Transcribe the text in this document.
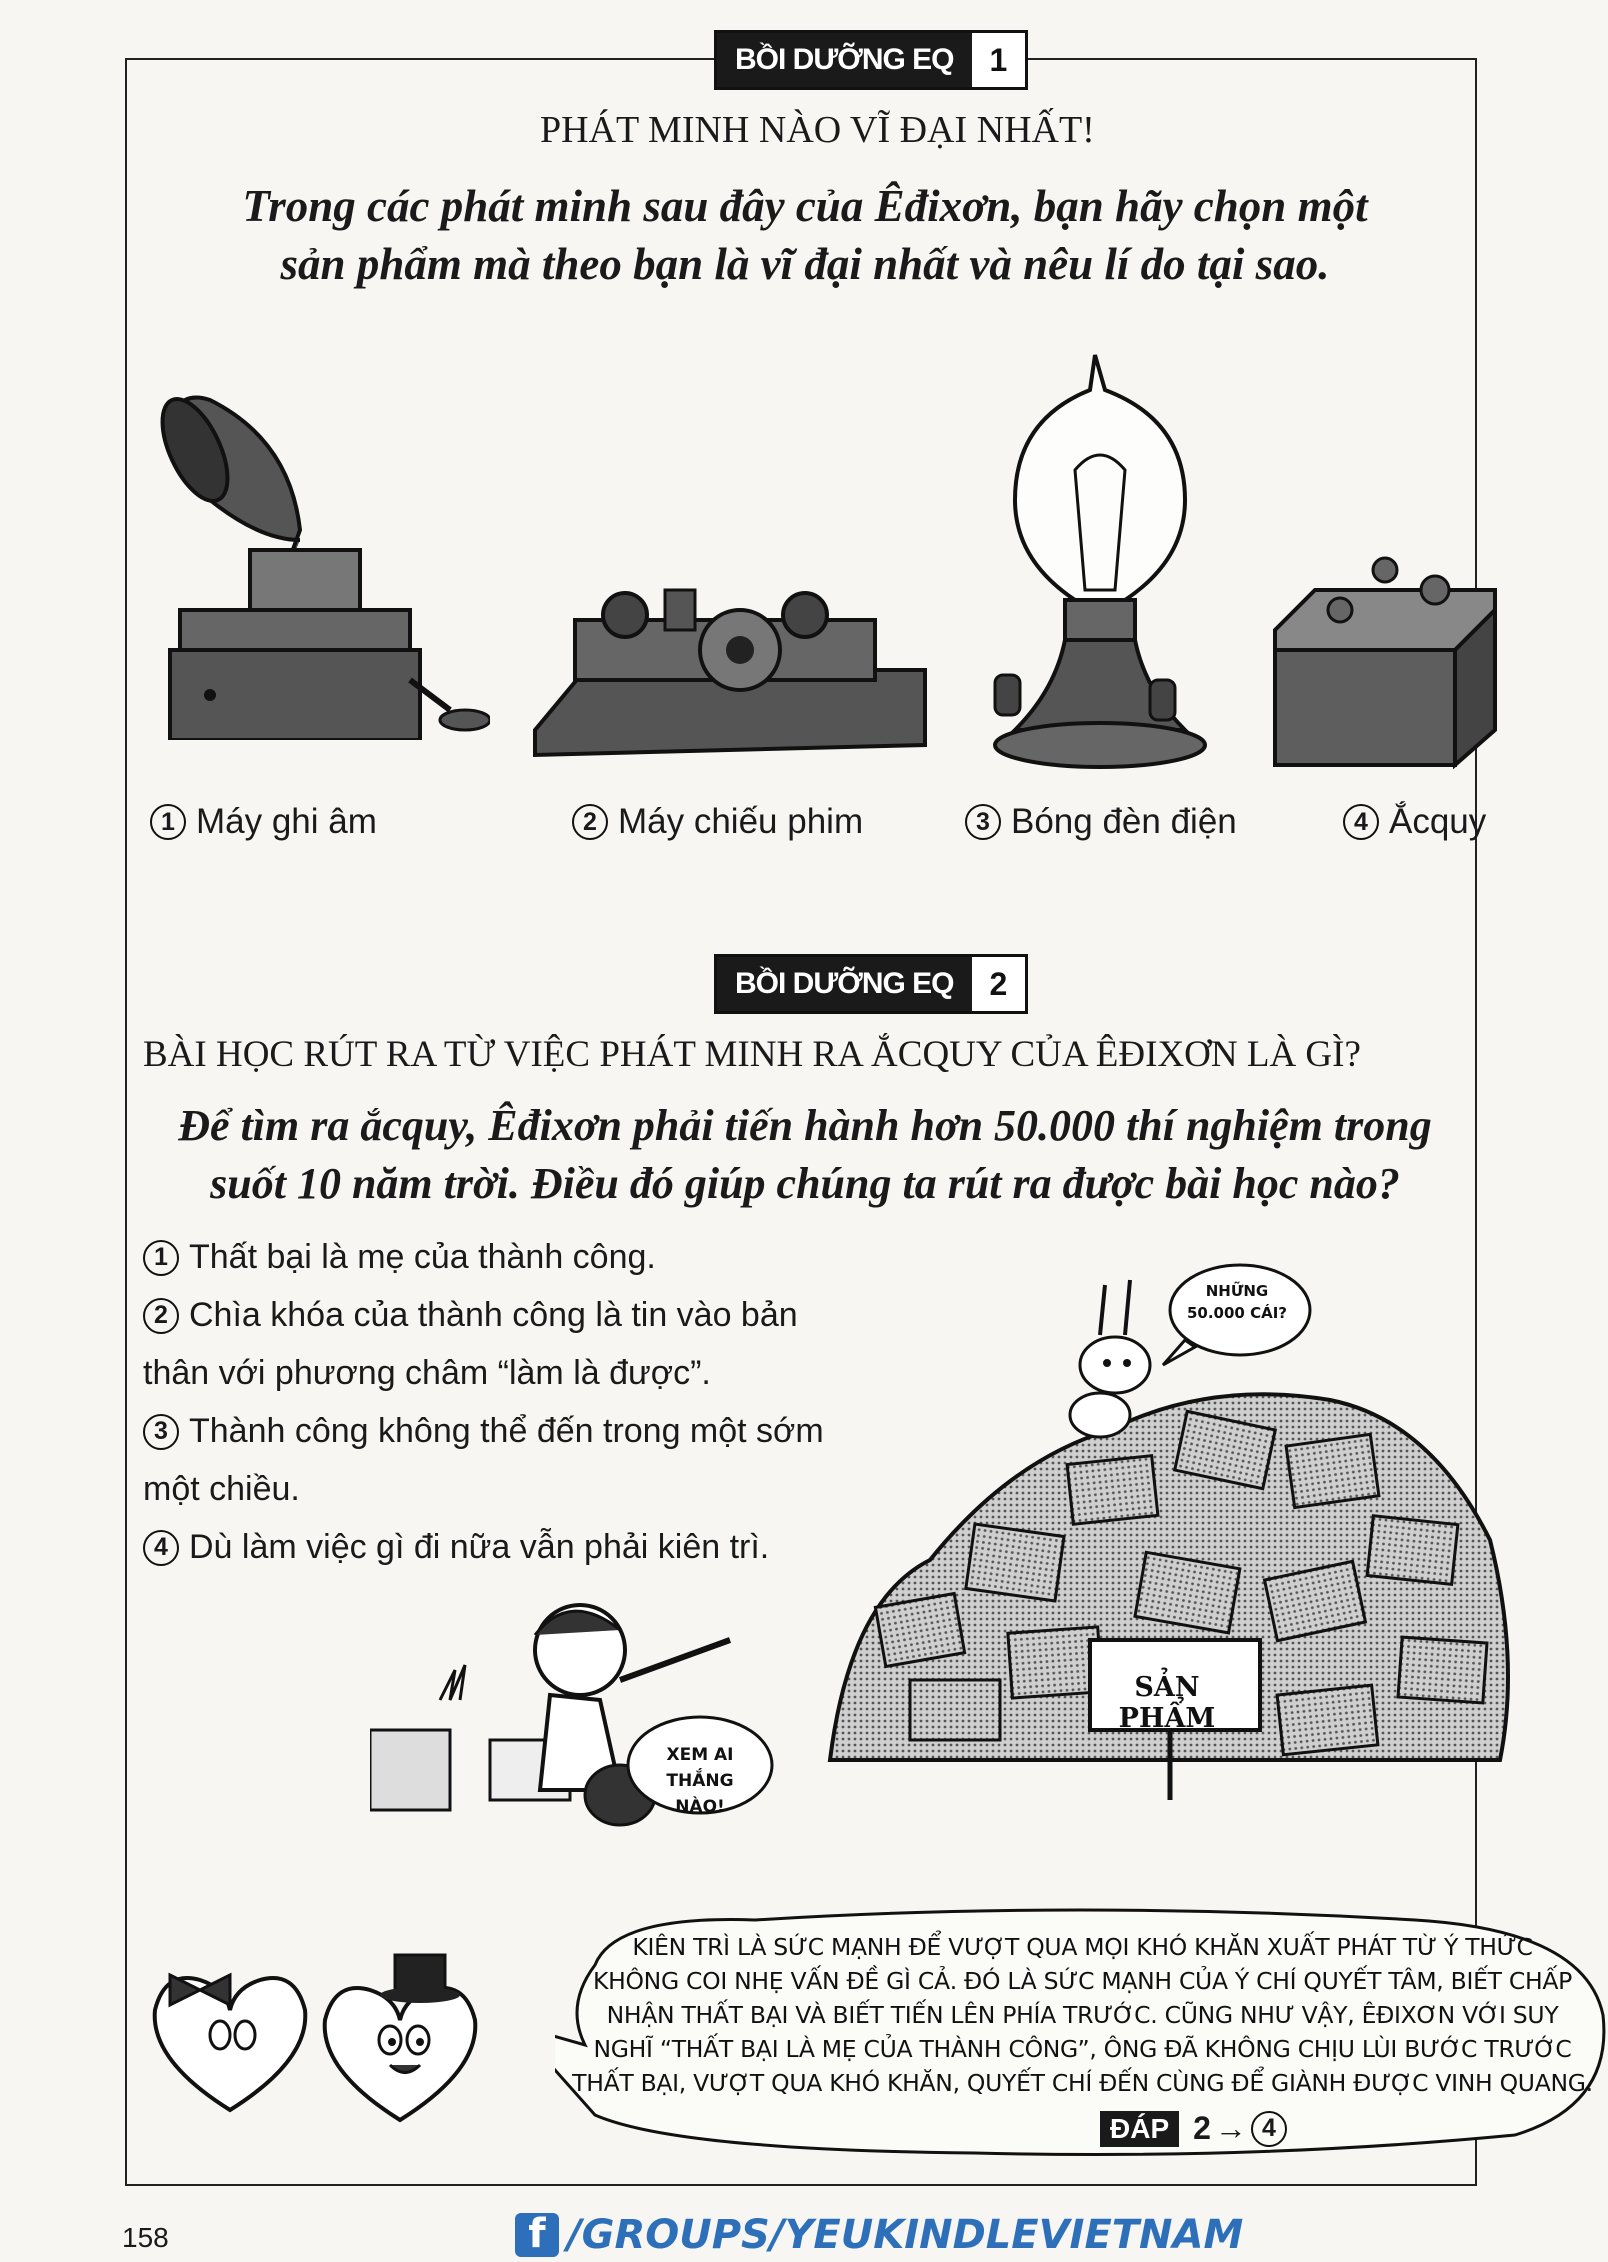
BỒI DƯỠNG EQ	1
PHÁT MINH NÀO VĨ ĐẠI NHẤT!
Trong các phát minh sau đây của Êđixơn, bạn hãy chọn một
sản phẩm mà theo bạn là vĩ đại nhất và nêu lí do tại sao.
1 Máy ghi âm	2 Máy chiếu phim	3 Bóng đèn điện	4 Ắcquy
BỒI DƯỠNG EQ	2
BÀI HỌC RÚT RA TỪ VIỆC PHÁT MINH RA ẮCQUY CỦA ÊĐIXƠN LÀ GÌ?
Để tìm ra ắcquy, Êđixơn phải tiến hành hơn 50.000 thí nghiệm trong
suốt 10 năm trời. Điều đó giúp chúng ta rút ra được bài học nào?
1 Thất bại là mẹ của thành công.
2 Chìa khóa của thành công là tin vào bản
thân với phương châm “làm là được”.
3 Thành công không thể đến trong một sớm
một chiều.
4 Dù làm việc gì đi nữa vẫn phải kiên trì.
SẢN PHẨM
NHỮNG
50.000 CÁI?
XEM AI
THẮNG NÀO!
KIÊN TRÌ LÀ SỨC MẠNH ĐỂ VƯỢT QUA MỌI KHÓ KHĂN XUẤT PHÁT TỪ Ý THỨC
KHÔNG COI NHẸ VẤN ĐỀ GÌ CẢ. ĐÓ LÀ SỨC MẠNH CỦA Ý CHÍ QUYẾT TÂM, BIẾT CHẤP
NHẬN THẤT BẠI VÀ BIẾT TIẾN LÊN PHÍA TRƯỚC. CŨNG NHƯ VẬY, ÊĐIXƠN VỚI SUY
NGHĨ “THẤT BẠI LÀ MẸ CỦA THÀNH CÔNG”, ÔNG ĐÃ KHÔNG CHỊU LÙI BƯỚC TRƯỚC
THẤT BẠI, VƯỢT QUA KHÓ KHĂN, QUYẾT CHÍ ĐẾN CÙNG ĐỂ GIÀNH ĐƯỢC VINH QUANG.
ĐÁP 2 → 4
158	f /GROUPS/YEUKINDLEVIETNAM
